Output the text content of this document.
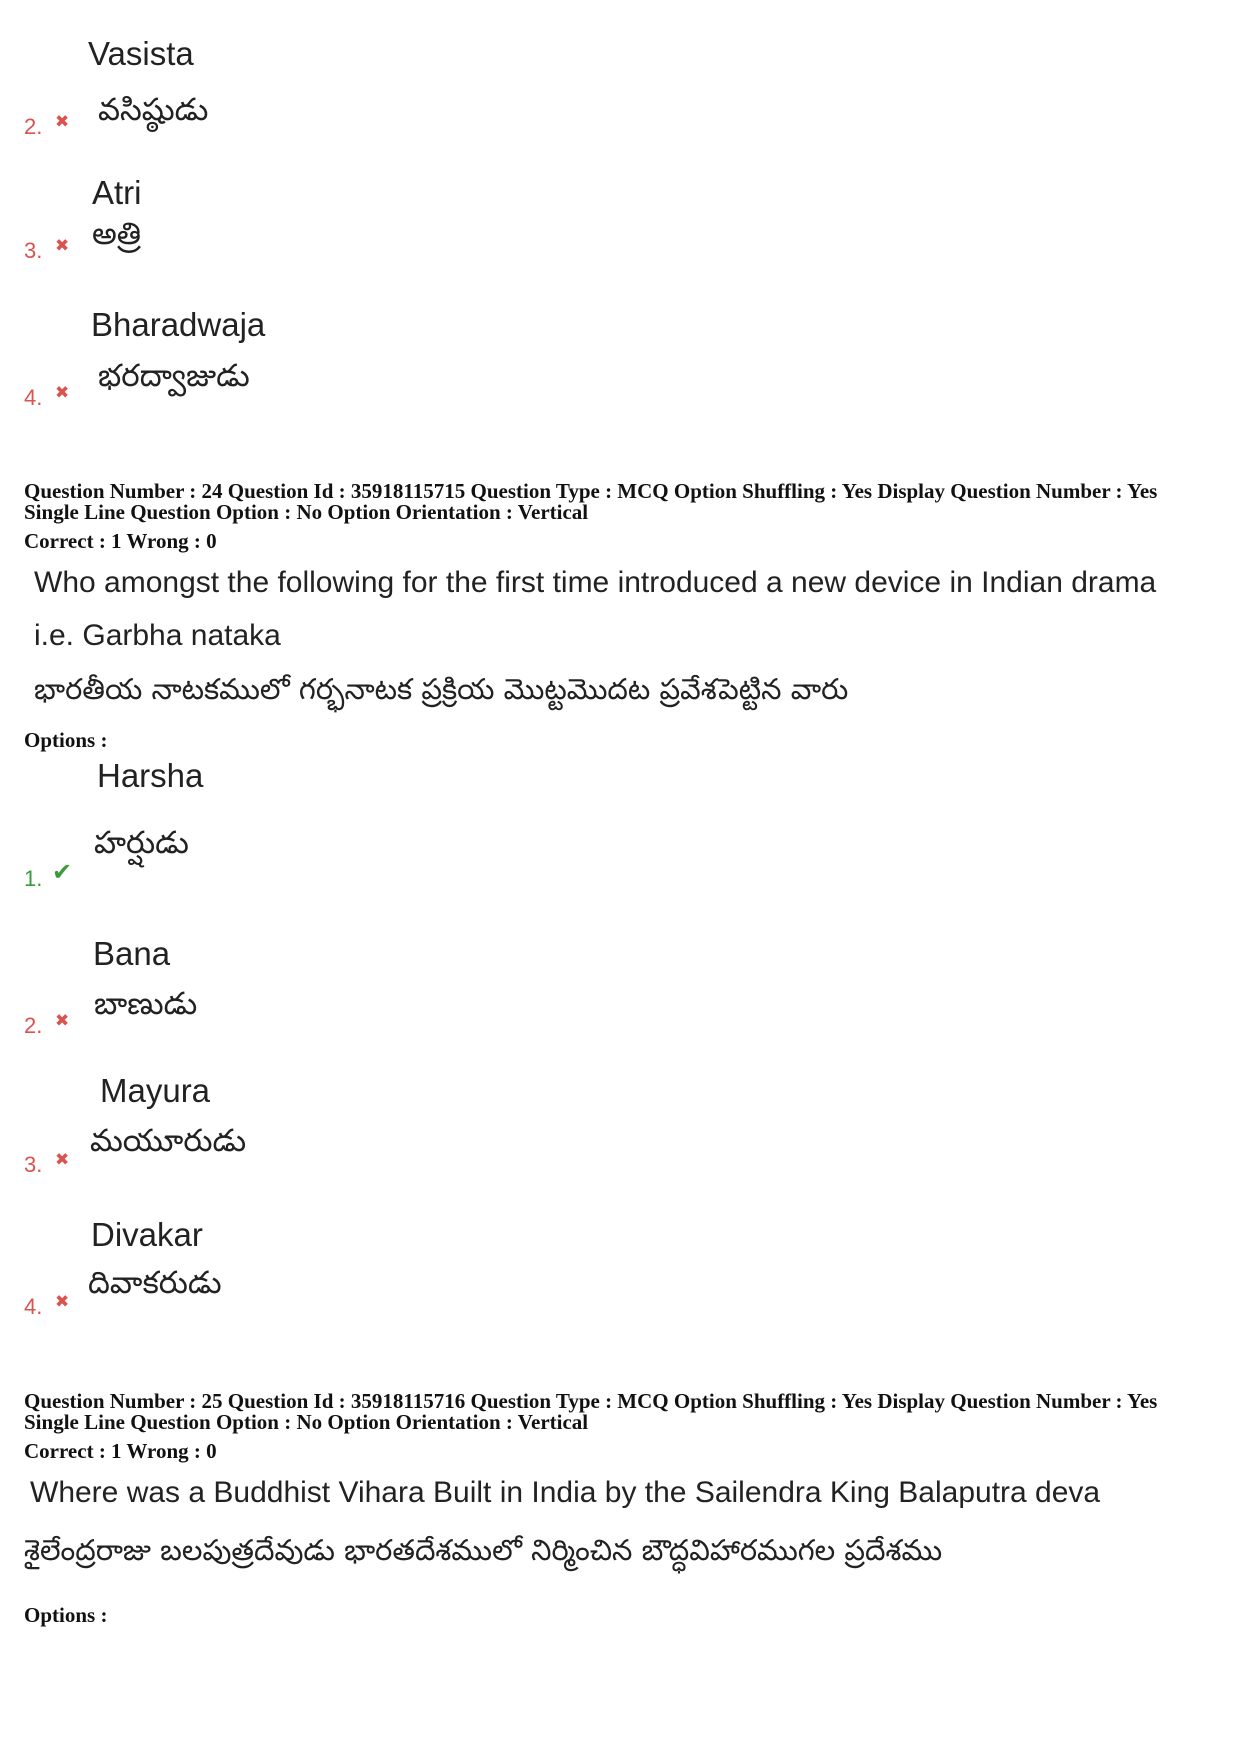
Vasista
వసిష్ఠుడు
2. ✖
Atri
అత్రి
3. ✖
Bharadwaja
భరద్వాజుడు
4. ✖
Question Number : 24 Question Id : 35918115715 Question Type : MCQ Option Shuffling : Yes Display Question Number : Yes
Single Line Question Option : No Option Orientation : Vertical
Correct : 1 Wrong : 0
Who amongst the following for the first time introduced a new device in Indian drama
i.e. Garbha nataka
భారతీయ నాటకములో గర్భనాటక ప్రక్రియ మొట్టమొదట ప్రవేశపెట్టిన వారు
Options :
Harsha
హర్షుడు
1. ✔
Bana
బాణుడు
2. ✖
Mayura
మయూరుడు
3. ✖
Divakar
దివాకరుడు
4. ✖
Question Number : 25 Question Id : 35918115716 Question Type : MCQ Option Shuffling : Yes Display Question Number : Yes
Single Line Question Option : No Option Orientation : Vertical
Correct : 1 Wrong : 0
Where was a Buddhist Vihara Built in India by the Sailendra King Balaputra deva
శైలేంద్రరాజు బలపుత్రదేవుడు భారతదేశములో నిర్మించిన బౌద్ధవిహారముగల ప్రదేశము
Options :
